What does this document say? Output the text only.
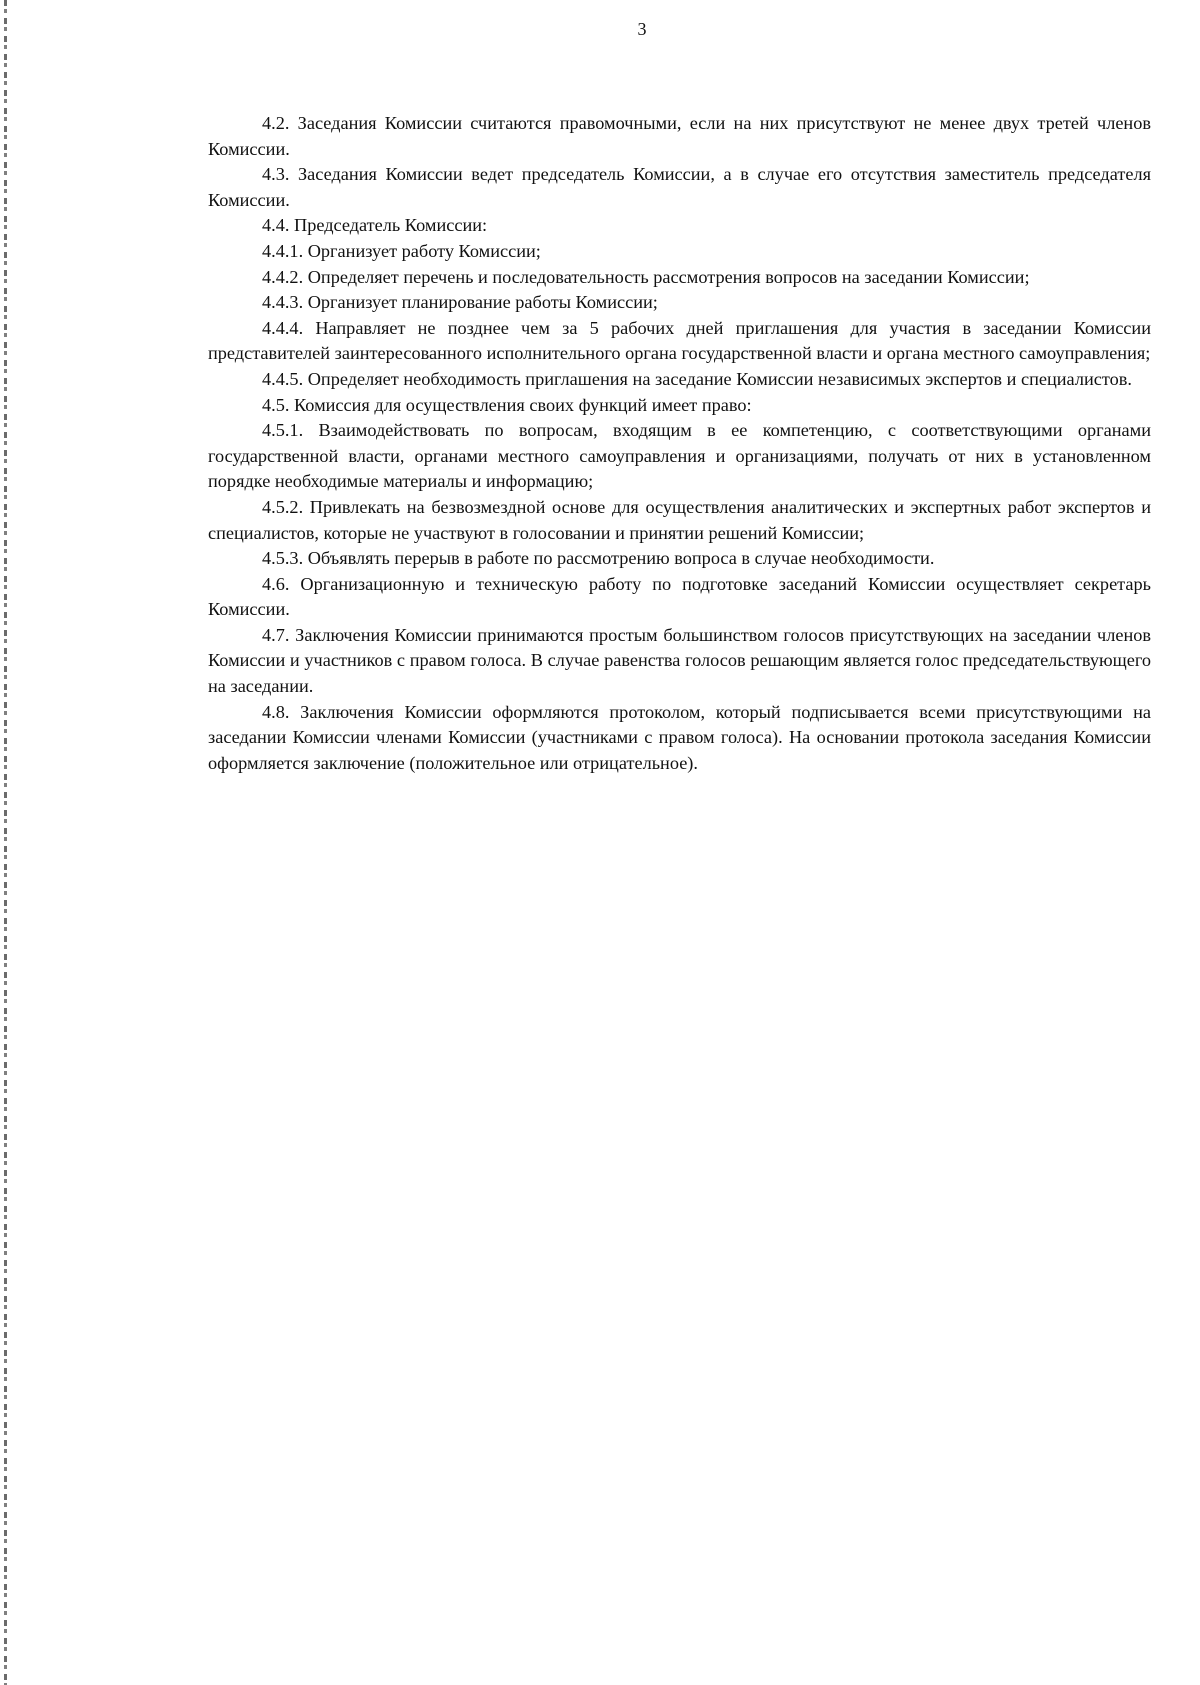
3

4.2. Заседания Комиссии считаются правомочными, если на них присутствуют не менее двух третей членов Комиссии.

4.3. Заседания Комиссии ведет председатель Комиссии, а в случае его отсутствия заместитель председателя Комиссии.

4.4. Председатель Комиссии:

4.4.1. Организует работу Комиссии;

4.4.2. Определяет перечень и последовательность рассмотрения вопросов на заседании Комиссии;

4.4.3. Организует планирование работы Комиссии;

4.4.4. Направляет не позднее чем за 5 рабочих дней приглашения для участия в заседании Комиссии представителей заинтересованного исполнительного органа государственной власти и органа местного самоуправления;

4.4.5. Определяет необходимость приглашения на заседание Комиссии независимых экспертов и специалистов.

4.5. Комиссия для осуществления своих функций имеет право:

4.5.1. Взаимодействовать по вопросам, входящим в ее компетенцию, с соответствующими органами государственной власти, органами местного самоуправления и организациями, получать от них в установленном порядке необходимые материалы и информацию;

4.5.2. Привлекать на безвозмездной основе для осуществления аналитических и экспертных работ экспертов и специалистов, которые не участвуют в голосовании и принятии решений Комиссии;

4.5.3. Объявлять перерыв в работе по рассмотрению вопроса в случае необходимости.

4.6. Организационную и техническую работу по подготовке заседаний Комиссии осуществляет секретарь Комиссии.

4.7. Заключения Комиссии принимаются простым большинством голосов присутствующих на заседании членов Комиссии и участников с правом голоса. В случае равенства голосов решающим является голос председательствующего на заседании.

4.8. Заключения Комиссии оформляются протоколом, который подписывается всеми присутствующими на заседании Комиссии членами Комиссии (участниками с правом голоса). На основании протокола заседания Комиссии оформляется заключение (положительное или отрицательное).
